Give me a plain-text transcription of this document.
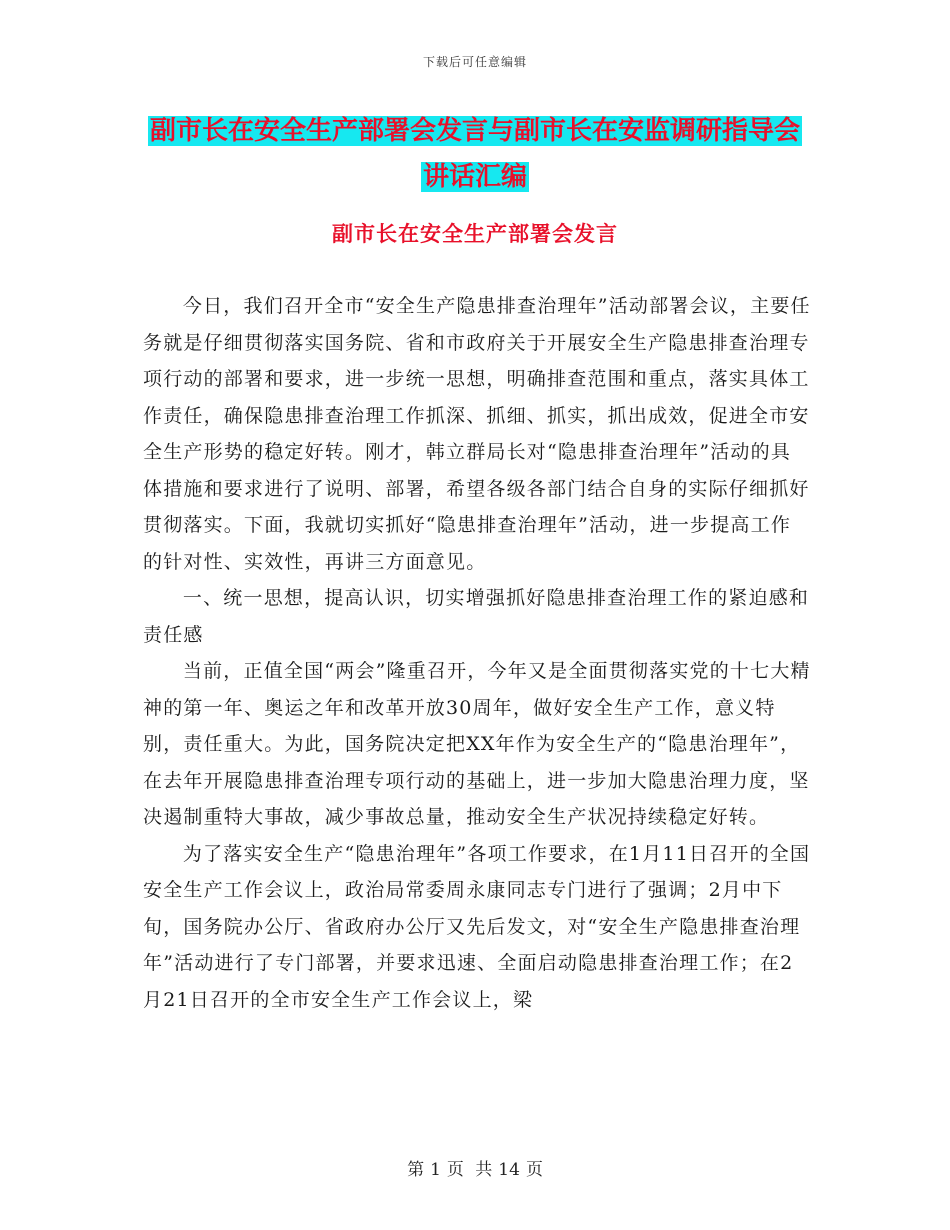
下载后可任意编辑
副市长在安全生产部署会发言与副市长在安监调研指导会讲话汇编
副市长在安全生产部署会发言

今日，我们召开全市“安全生产隐患排查治理年”活动部署会议，主要任务就是仔细贯彻落实国务院、省和市政府关于开展安全生产隐患排查治理专项行动的部署和要求，进一步统一思想，明确排查范围和重点，落实具体工作责任，确保隐患排查治理工作抓深、抓细、抓实，抓出成效，促进全市安全生产形势的稳定好转。刚才，韩立群局长对“隐患排查治理年”活动的具体措施和要求进行了说明、部署，希望各级各部门结合自身的实际仔细抓好贯彻落实。下面，我就切实抓好“隐患排查治理年”活动，进一步提高工作的针对性、实效性，再讲三方面意见。

一、统一思想，提高认识，切实增强抓好隐患排查治理工作的紧迫感和责任感

当前，正值全国“两会”隆重召开，今年又是全面贯彻落实党的十七大精神的第一年、奥运之年和改革开放30周年，做好安全生产工作，意义特别，责任重大。为此，国务院决定把XX年作为安全生产的“隐患治理年”，在去年开展隐患排查治理专项行动的基础上，进一步加大隐患治理力度，坚决遏制重特大事故，减少事故总量，推动安全生产状况持续稳定好转。

为了落实安全生产“隐患治理年”各项工作要求，在1月11日召开的全国安全生产工作会议上，政治局常委周永康同志专门进行了强调；2月中下旬，国务院办公厅、省政府办公厅又先后发文，对“安全生产隐患排查治理年”活动进行了专门部署，并要求迅速、全面启动隐患排查治理工作；在2月21日召开的全市安全生产工作会议上，梁

第 1 页 共 14 页
